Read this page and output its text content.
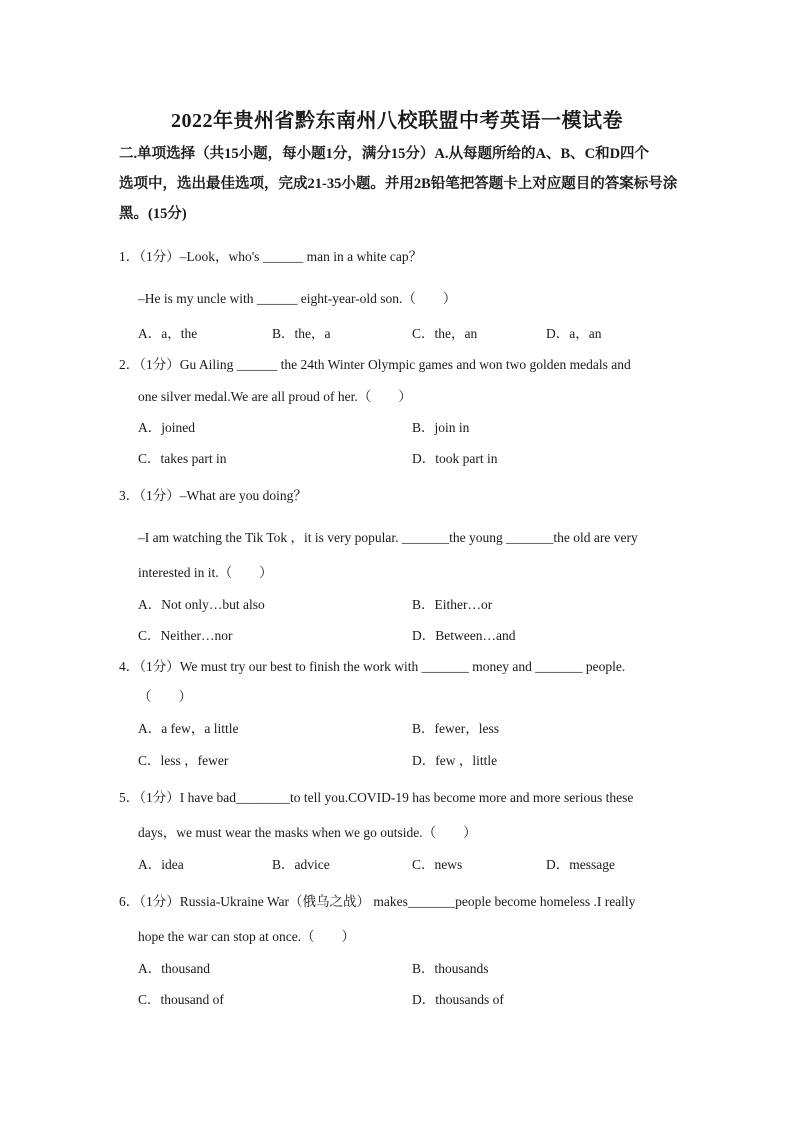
2022年贵州省黔东南州八校联盟中考英语一模试卷
二.单项选择（共15小题，每小题1分，满分15分）A.从每题所给的A、B、C和D四个
选项中，选出最佳选项，完成21-35小题。并用2B铅笔把答题卡上对应题目的答案标号涂
黑。(15分)
1．（1分）–Look，who's ______ man in a white cap？
–He is my uncle with ______ eight-year-old son.（　　）
A．a，the	B．the，a	C．the，an	D．a，an
2．（1分）Gu Ailing ______ the 24th Winter Olympic games and won two golden medals and
one silver medal.We are all proud of her.（　　）
A．joined	B．join in
C．takes part in	D．took part in
3．（1分）–What are you doing？
–I am watching the Tik Tok ，it is very popular. _______the young _______the old are very
interested in it.（　　）
A．Not only…but also	B．Either…or
C．Neither…nor	D．Between…and
4．（1分）We must try our best to finish the work with _______ money and _______ people.
（　　）
A．a few，a little	B．fewer，less
C．less ，fewer	D．few ，little
5．（1分）I have bad________to tell you.COVID-19 has become more and more serious these
days，we must wear the masks when we go outside.（　　）
A．idea	B．advice	C．news	D．message
6．（1分）Russia-Ukraine War（俄乌之战） makes_______people become homeless .I really
hope the war can stop at once.（　　）
A．thousand	B．thousands
C．thousand of	D．thousands of
